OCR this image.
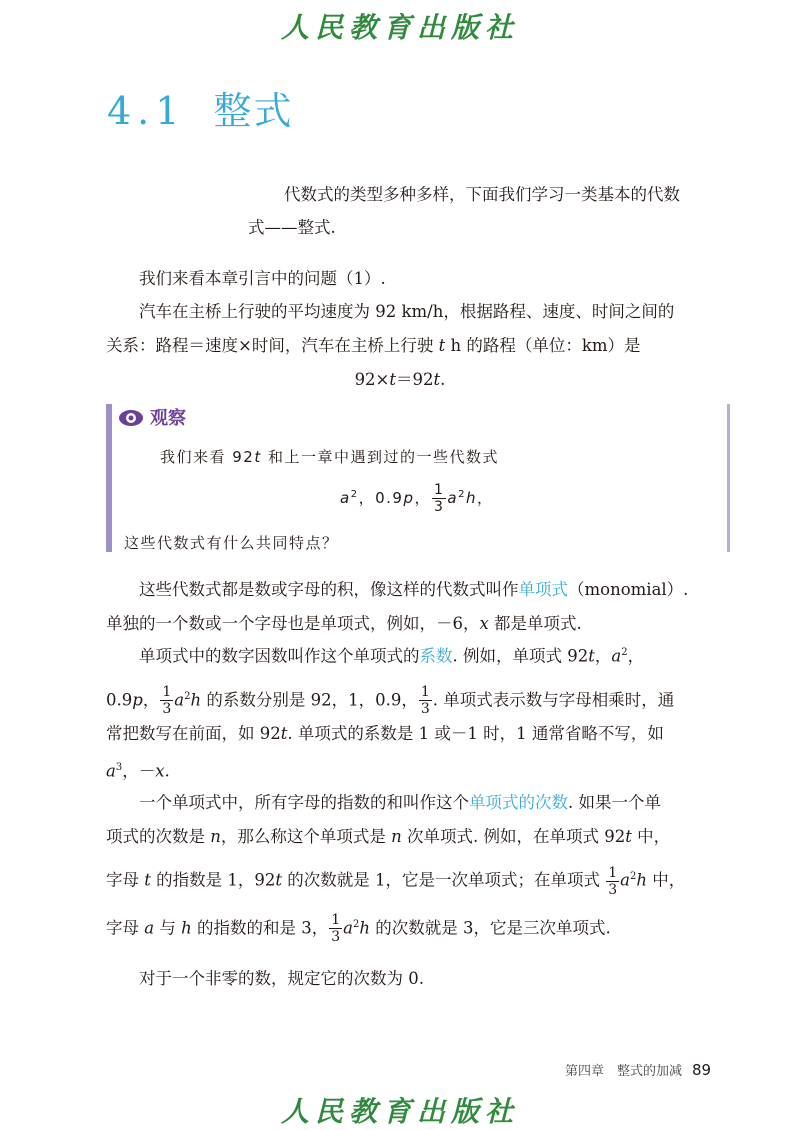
人民教育出版社
4.1 整式
代数式的类型多种多样，下面我们学习一类基本的代数
式——整式.
我们来看本章引言中的问题（1）.
汽车在主桥上行驶的平均速度为 92 km/h，根据路程、速度、时间之间的
关系：路程＝速度×时间，汽车在主桥上行驶 t h 的路程（单位：km）是
92×t＝92t.
观察
我们来看 92t 和上一章中遇到过的一些代数式
$a^2$，0.9p， $\frac{1}{3} a^2h$，
这些代数式有什么共同特点？
这些代数式都是数或字母的积，像这样的代数式叫作单项式（monomial）.
单独的一个数或一个字母也是单项式，例如，－6，x 都是单项式.
单项式中的数字因数叫作这个单项式的系数. 例如，单项式 92t，$a^2$，
0.9p， $\frac{1}{3} a^2h$ 的系数分别是 92，1，0.9， $\frac{1}{3}$ . 单项式表示数与字母相乘时，通
常把数写在前面，如 92t. 单项式的系数是 1 或－1 时，1 通常省略不写，如
$a^3$，－x.
一个单项式中，所有字母的指数的和叫作这个单项式的次数. 如果一个单
项式的次数是 n，那么称这个单项式是 n 次单项式. 例如，在单项式 92t 中，
字母 t 的指数是 1，92t 的次数就是 1，它是一次单项式；在单项式 $\frac{1}{3} a^2h$ 中，
字母 a 与 h 的指数的和是 3， $\frac{1}{3} a^2h$ 的次数就是 3，它是三次单项式.
对于一个非零的数，规定它的次数为 0.
第四章　整式的加减 89
人民教育出版社
